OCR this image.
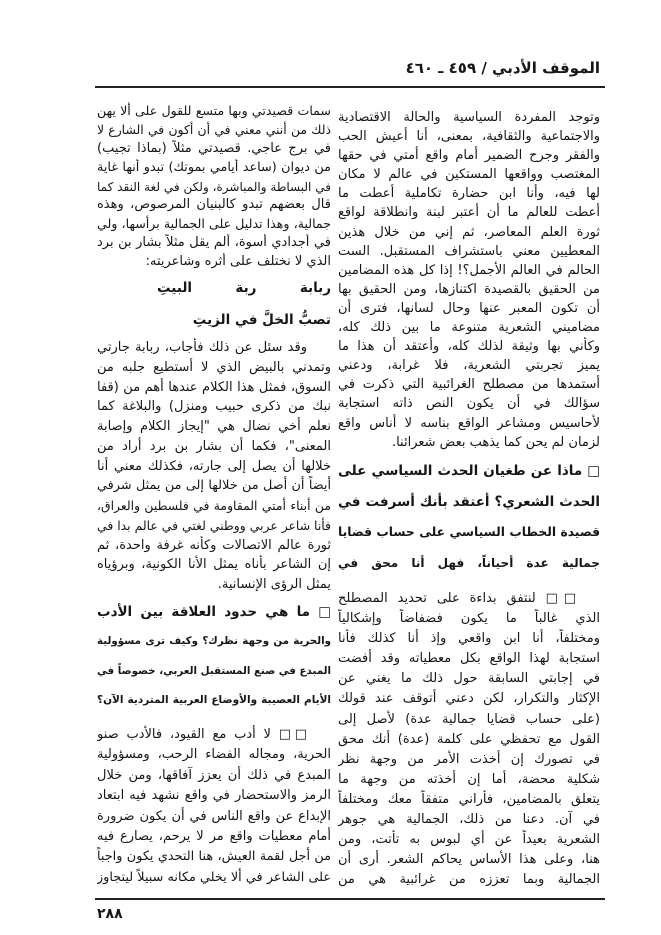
الموقف الأدبي / ٤٥٩ ـ ٤٦٠
وتوجد المفردة السياسية والحالة الاقتصادية
والاجتماعية والثقافية، بمعنى، أنا أعيش الحب
والفقر وجرح الضمير أمام واقع أمتي في حقها
المغتصب وواقعها المستكين في عالم لا مكان
لها فيه، وأنا ابن حضارة تكاملية أعطت ما
أعطت للعالم ما أن أعتبر لبنة وانطلاقة لواقع
ثورة العلم المعاصر، ثم إني من خلال هذين
المعطيين معني باستشراف المستقبل. الست
الحالم في العالم الأجمل؟! إذا كل هذه المضامين
من الحقيق بالقصيدة اكتنازها، ومن الحقيق بها
أن تكون المعبر عنها وحال لسانها، فترى أن
مضاميني الشعرية متنوعة ما بين ذلك كله،
وكأني بها وثيقة لذلك كله، وأعتقد أن هذا ما
يميز تجربتي الشعرية، فلا غرابة، ودعني
أستمدها من مصطلح الغرائبية التي ذكرت في
سؤالك في أن يكون النص ذاته استجابة
لأحاسيس ومشاعر الواقع بناسه لا أناس واقع
لزمان لم يحن كما يذهب بعض شعرائنا.
□ ماذا عن طغيان الحدث السياسي على
الحدث الشعري؟ أعتقد بأنك أسرفت في
قصيدة الخطاب السياسي على حساب قضايا
جمالية عدة أحياناً، فهل أنا محق في
□□ لنتفق بداءة على تحديد المصطلح
الذي غالباً ما يكون فضفاضاً وإشكالياً
ومختلفاً، أنا ابن واقعي وإذ أنا كذلك فأنا
استجابة لهذا الواقع بكل معطياته وقد أفضت
في إجابتي السابقة حول ذلك ما يغني عن
الإكثار والتكرار، لكن دعني أتوقف عند قولك
(على حساب قضايا جمالية عدة) لأصل إلى
القول مع تحفظي على كلمة (عدة) أنك محق
في تصورك إن أخذت الأمر من وجهة نظر
شكلية محضة، أما إن أخذته من وجهة ما
يتعلق بالمضامين، فأراني متفقاً معك ومختلفاً
في آن. دعنا من ذلك، الجمالية هي جوهر
الشعرية بعيداً عن أي لبوس به تأتت، ومن
هنا، وعلى هذا الأساس يحاكم الشعر. أرى أن
الجمالية وبما تعززه من غرائبية هي من
سمات قصيدتي وبها متسع للقول على ألا يهن
ذلك من أنني معني في أن أكون في الشارع لا
في برج عاجي. قصيدتي مثلاً (بماذا تجيب)
من ديوان (ساعد أيامي بموتك) تبدو أنها غاية
في البساطة والمباشرة، ولكن في لغة النقد كما
قال بعضهم تبدو كالبنيان المرصوص، وهذه
جمالية، وهذا تدليل على الجمالية برأسها، ولي
في أجدادي أسوة، ألم يقل مثلاً بشار بن برد
الذي لا نختلف على أثره وشاعريته:
ربابة ربة البيتِ
تصبُّ الخلَّ في الزيتِ
وقد سئل عن ذلك فأجاب، ربابة جارتي
وتمدني بالبيض الذي لا أستطيع جلبه من
السوق، فمثل هذا الكلام عندها أهم من (قفا
نبك من ذكرى حبيب ومنزل) والبلاغة كما
نعلم أخي نضال هي "إيجاز الكلام وإصابة
المعنى"، فكما أن بشار بن برد أراد من
خلالها أن يصل إلى جارته، فكذلك معني أنا
أيضاً أن أصل من خلالها إلى من يمثل شرفي
من أبناء أمتي المقاومة في فلسطين والعراق،
فأنا شاعر عربي ووطني لغتي في عالم بدا في
ثورة عالم الاتصالات وكأنه غرفة واحدة، ثم
إن الشاعر بأناه يمثل الأنا الكونية، وبرؤياه
يمثل الرؤى الإنسانية.
□ ما هي حدود العلاقة بين الأدب
والحرية من وجهة نظرك؟ وكيف ترى مسؤولية
المبدع في صنع المستقبل العربي، خصوصاً في
الأيام العصيبة والأوضاع العربية المتردية الآن؟
□□ لا أدب مع القيود، فالأدب صنو
الحرية، ومجاله الفضاء الرحب، ومسؤولية
المبدع في ذلك أن يعزز آفاقها، ومن خلال
الرمز والاستحضار في واقع نشهد فيه ابتعاد
الإبداع عن واقع الناس في أن يكون ضرورة
أمام معطيات واقع مر لا يرحم، يصارع فيه
من أجل لقمة العيش، هنا التحدي يكون واجباً
على الشاعر في ألا يخلي مكانه سبيلاً ليتجاوز
٢٨٨
